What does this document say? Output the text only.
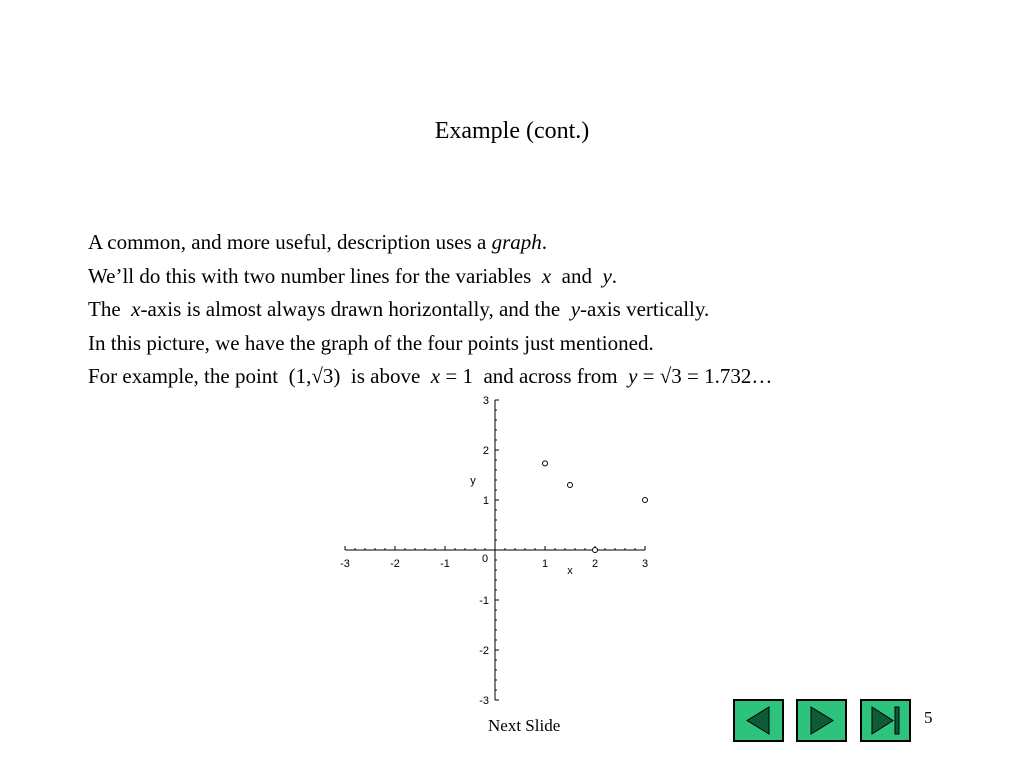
Example (cont.)
A common, and more useful, description uses a graph.
We’ll do this with two number lines for the variables  x  and  y.
The  x-axis is almost always drawn horizontally, and the  y-axis vertically.
In this picture, we have the graph of the four points just mentioned.
For example, the point  (1,√3)  is above  x = 1  and across from  y = √3 = 1.732…
-3	-2	-1	0	1	2	3
3
2
1
-1
-2
-3
x
y
Next Slide	5
